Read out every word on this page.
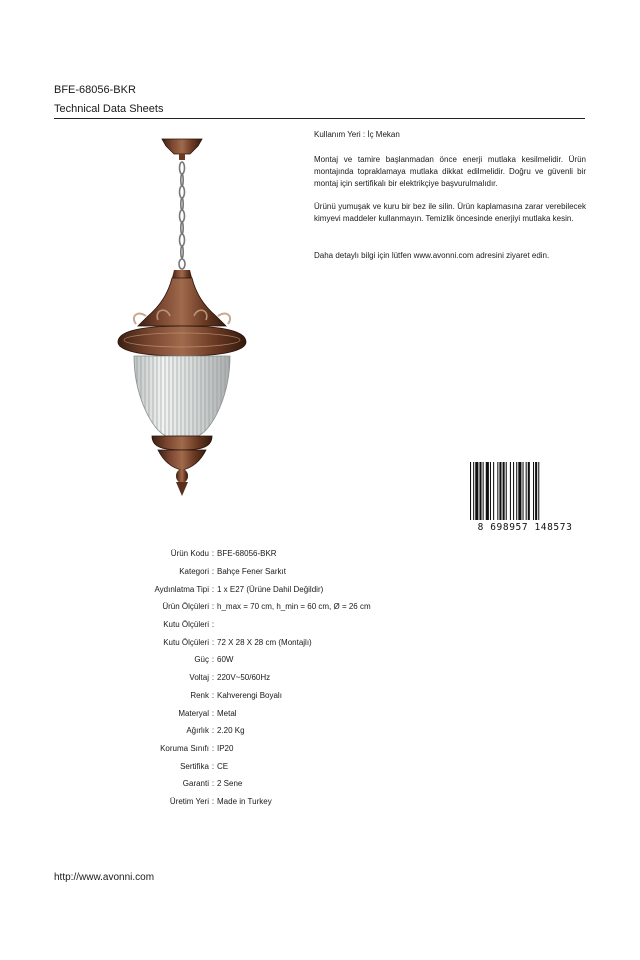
BFE-68056-BKR
Technical Data Sheets
Kullanım Yeri : İç Mekan

Montaj ve tamire başlanmadan önce enerji mutlaka kesilmelidir. Ürün montajında topraklamaya mutlaka dikkat edilmelidir. Doğru ve güvenli bir montaj için sertifikalı bir elektrikçiye başvurulmalıdır.

Ürünü yumuşak ve kuru bir bez ile silin. Ürün kaplamasına zarar verebilecek kimyevi maddeler kullanmayın. Temizlik öncesinde enerjiyi mutlaka kesin.

Daha detaylı bilgi için lütfen www.avonni.com adresini ziyaret edin.

8 698957 148573
Ürün Kodu : BFE-68056-BKR
Kategori : Bahçe Fener Sarkıt
Aydınlatma Tipi : 1 x E27 (Ürüne Dahil Değildir)
Ürün Ölçüleri : h_max = 70 cm, h_min = 60 cm, Ø = 26 cm
Kutu Ölçüleri :
Kutu Ölçüleri : 72 X 28 X 28 cm (Montajlı)
Güç : 60W
Voltaj : 220V~50/60Hz
Renk : Kahverengi Boyalı
Materyal : Metal
Ağırlık : 2.20 Kg
Koruma Sınıfı : IP20
Sertifika : CE
Garanti : 2 Sene
Üretim Yeri : Made in Turkey
http://www.avonni.com
